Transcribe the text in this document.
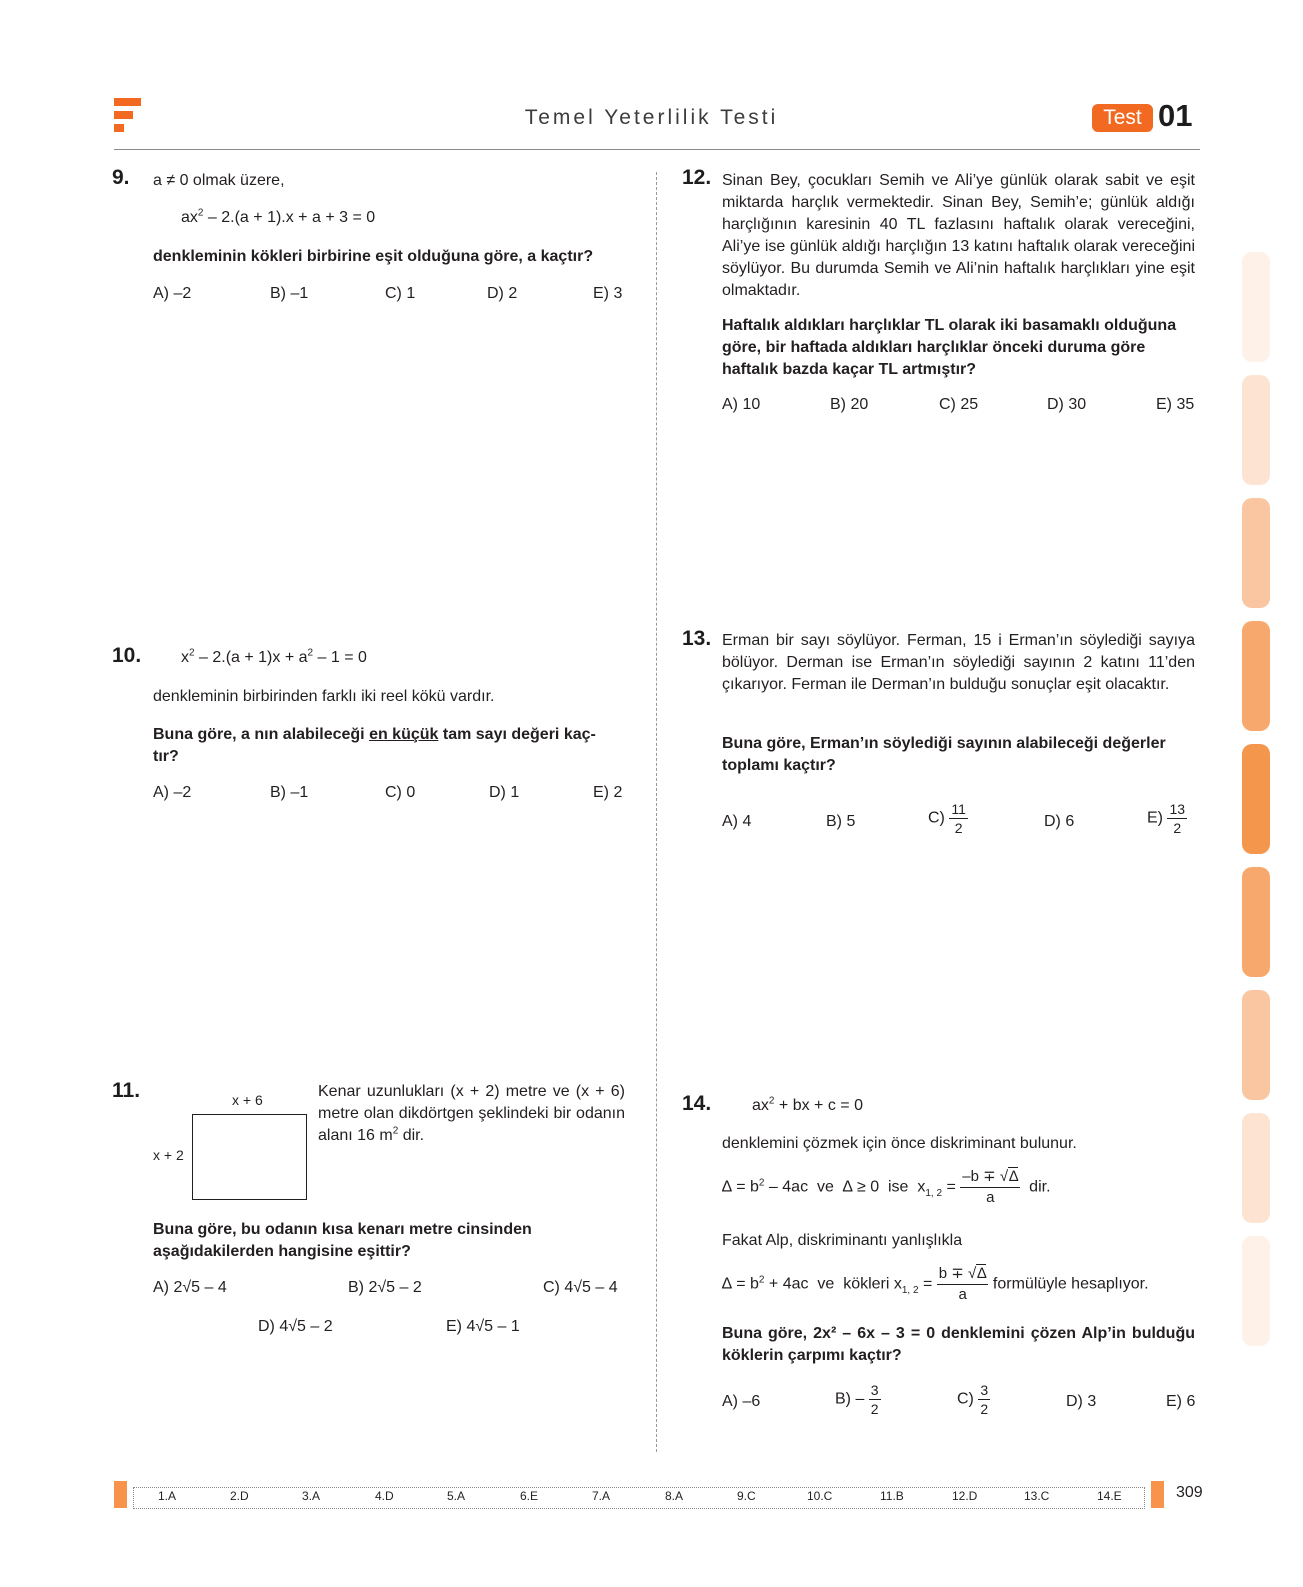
Temel Yeterlilik Testi	Test 01
9. a ≠ 0 olmak üzere,
$ax^2 - 2.(a + 1).x + a + 3 = 0$
denkleminin kökleri birbirine eşit olduğuna göre, a kaçtır?
A) –2	B) –1	C) 1	D) 2	E) 3
10. $x^2 - 2.(a + 1)x + a^2 - 1 = 0$
denkleminin birbirinden farklı iki reel kökü vardır.
Buna göre, a nın alabileceği en küçük tam sayı değeri kaç-
tır?
A) –2	B) –1	C) 0	D) 1	E) 2
11.	x + 6
x + 2
Kenar uzunlukları (x + 2) metre ve (x + 6) metre olan dikdörtgen şeklindeki bir odanın alanı 16 $m^2$ dir.
Buna göre, bu odanın kısa kenarı metre cinsinden aşağıdakilerden hangisine eşittir?
A) 2√5 – 4	B) 2√5 – 2	C) 4√5 – 4
D) 4√5 – 2	E) 4√5 – 1
12. Sinan Bey, çocukları Semih ve Ali’ye günlük olarak sabit ve eşit miktarda harçlık vermektedir. Sinan Bey, Semih’e; günlük aldığı harçlığının karesinin 40 TL fazlasını haftalık olarak vereceğini, Ali’ye ise günlük aldığı harçlığın 13 katını haftalık olarak vereceğini söylüyor. Bu durumda Semih ve Ali’nin haftalık harçlıkları yine eşit olmaktadır.
Haftalık aldıkları harçlıklar TL olarak iki basamaklı olduğuna göre, bir haftada aldıkları harçlıklar önceki duruma göre haftalık bazda kaçar TL artmıştır?
A) 10	B) 20	C) 25	D) 30	E) 35
13. Erman bir sayı söylüyor. Ferman, 15 i Erman’ın söylediği sayıya bölüyor. Derman ise Erman’ın söylediği sayının 2 katını 11’den çıkarıyor. Ferman ile Derman’ın bulduğu sonuçlar eşit olacaktır.
Buna göre, Erman’ın söylediği sayının alabileceği değerler toplamı kaçtır?
A) 4	B) 5	$C) \frac{11}{2}$	D) 6	$E) \frac{13}{2}$
14.	$ax^2$ + bx + c = 0
denklemini çözmek için önce diskriminant bulunur.
∆ = $b^2 - 4ac$  ve  ∆ ≥ 0  ise  $x_{1, 2} = \frac{-b \mp √\Delta}{a}$ dir.
Fakat Alp, diskriminantı yanlışlıkla
∆ = $b^2 + 4ac$  ve  kökleri $x_{1, 2} = \frac{b \mp √\Delta}{a}$ formülüyle hesaplıyor.
Buna göre, 2x² – 6x – 3 = 0 denklemini çözen Alp’in bulduğu köklerin çarpımı kaçtır?
A) –6	$B) - \frac{3}{2}$	$C) \frac{3}{2}$	D) 3	E) 6
1.A	2.D	3.A	4.D	5.A	6.E	7.A	8.A	9.C	10.C	11.B	12.D	13.C	14.E	309
